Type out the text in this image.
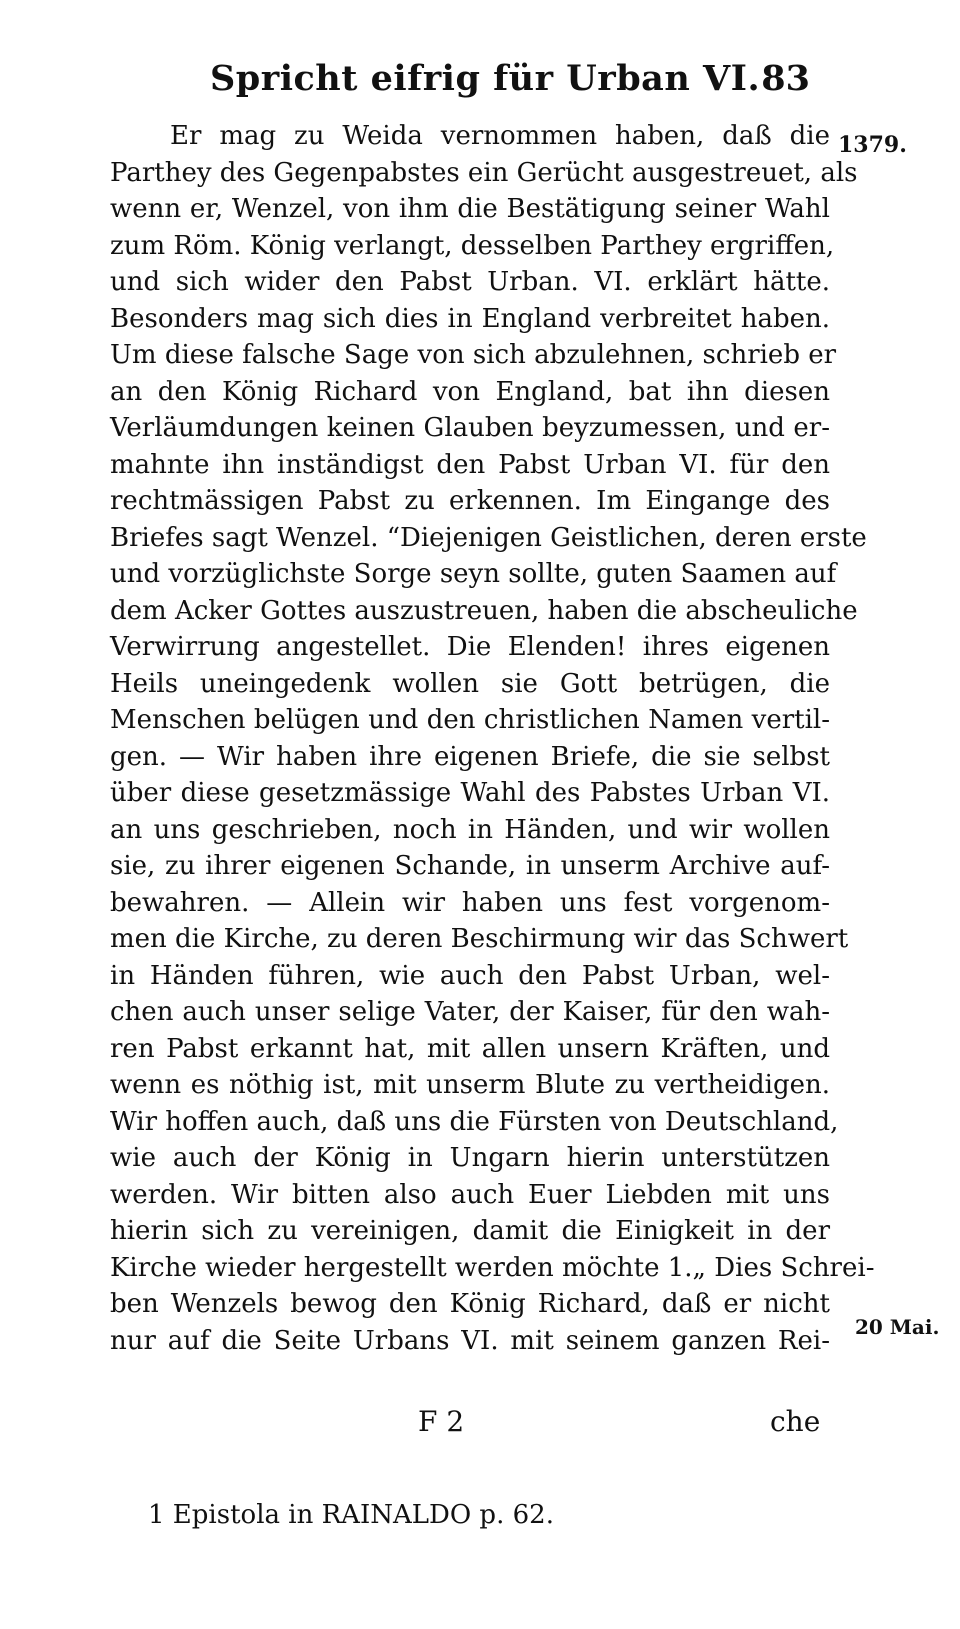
Spricht eifrig für Urban VI. 83
1379.
20 Mai.
Er mag zu Weida vernommen haben, daß die
Parthey des Gegenpabstes ein Gerücht ausgestreuet, als
wenn er, Wenzel, von ihm die Bestätigung seiner Wahl
zum Röm. König verlangt, desselben Parthey ergriffen,
und sich wider den Pabst Urban. VI. erklärt hätte.
Besonders mag sich dies in England verbreitet haben.
Um diese falsche Sage von sich abzulehnen, schrieb er
an den König Richard von England, bat ihn diesen
Verläumdungen keinen Glauben beyzumessen, und er-
mahnte ihn inständigst den Pabst Urban VI. für den
rechtmässigen Pabst zu erkennen. Im Eingange des
Briefes sagt Wenzel. “Diejenigen Geistlichen, deren erste
und vorzüglichste Sorge seyn sollte, guten Saamen auf
dem Acker Gottes auszustreuen, haben die abscheuliche
Verwirrung angestellet. Die Elenden! ihres eigenen
Heils uneingedenk wollen sie Gott betrügen, die
Menschen belügen und den christlichen Namen vertil-
gen. — Wir haben ihre eigenen Briefe, die sie selbst
über diese gesetzmässige Wahl des Pabstes Urban VI.
an uns geschrieben, noch in Händen, und wir wollen
sie, zu ihrer eigenen Schande, in unserm Archive auf-
bewahren. — Allein wir haben uns fest vorgenom-
men die Kirche, zu deren Beschirmung wir das Schwert
in Händen führen, wie auch den Pabst Urban, wel-
chen auch unser selige Vater, der Kaiser, für den wah-
ren Pabst erkannt hat, mit allen unsern Kräften, und
wenn es nöthig ist, mit unserm Blute zu vertheidigen.
Wir hoffen auch, daß uns die Fürsten von Deutschland,
wie auch der König in Ungarn hierin unterstützen
werden. Wir bitten also auch Euer Liebden mit uns
hierin sich zu vereinigen, damit die Einigkeit in der
Kirche wieder hergestellt werden möchte 1.„ Dies Schrei-
ben Wenzels bewog den König Richard, daß er nicht
nur auf die Seite Urbans VI. mit seinem ganzen Rei-
F 2	che
1 Epistola in RAINALDO p. 62.
